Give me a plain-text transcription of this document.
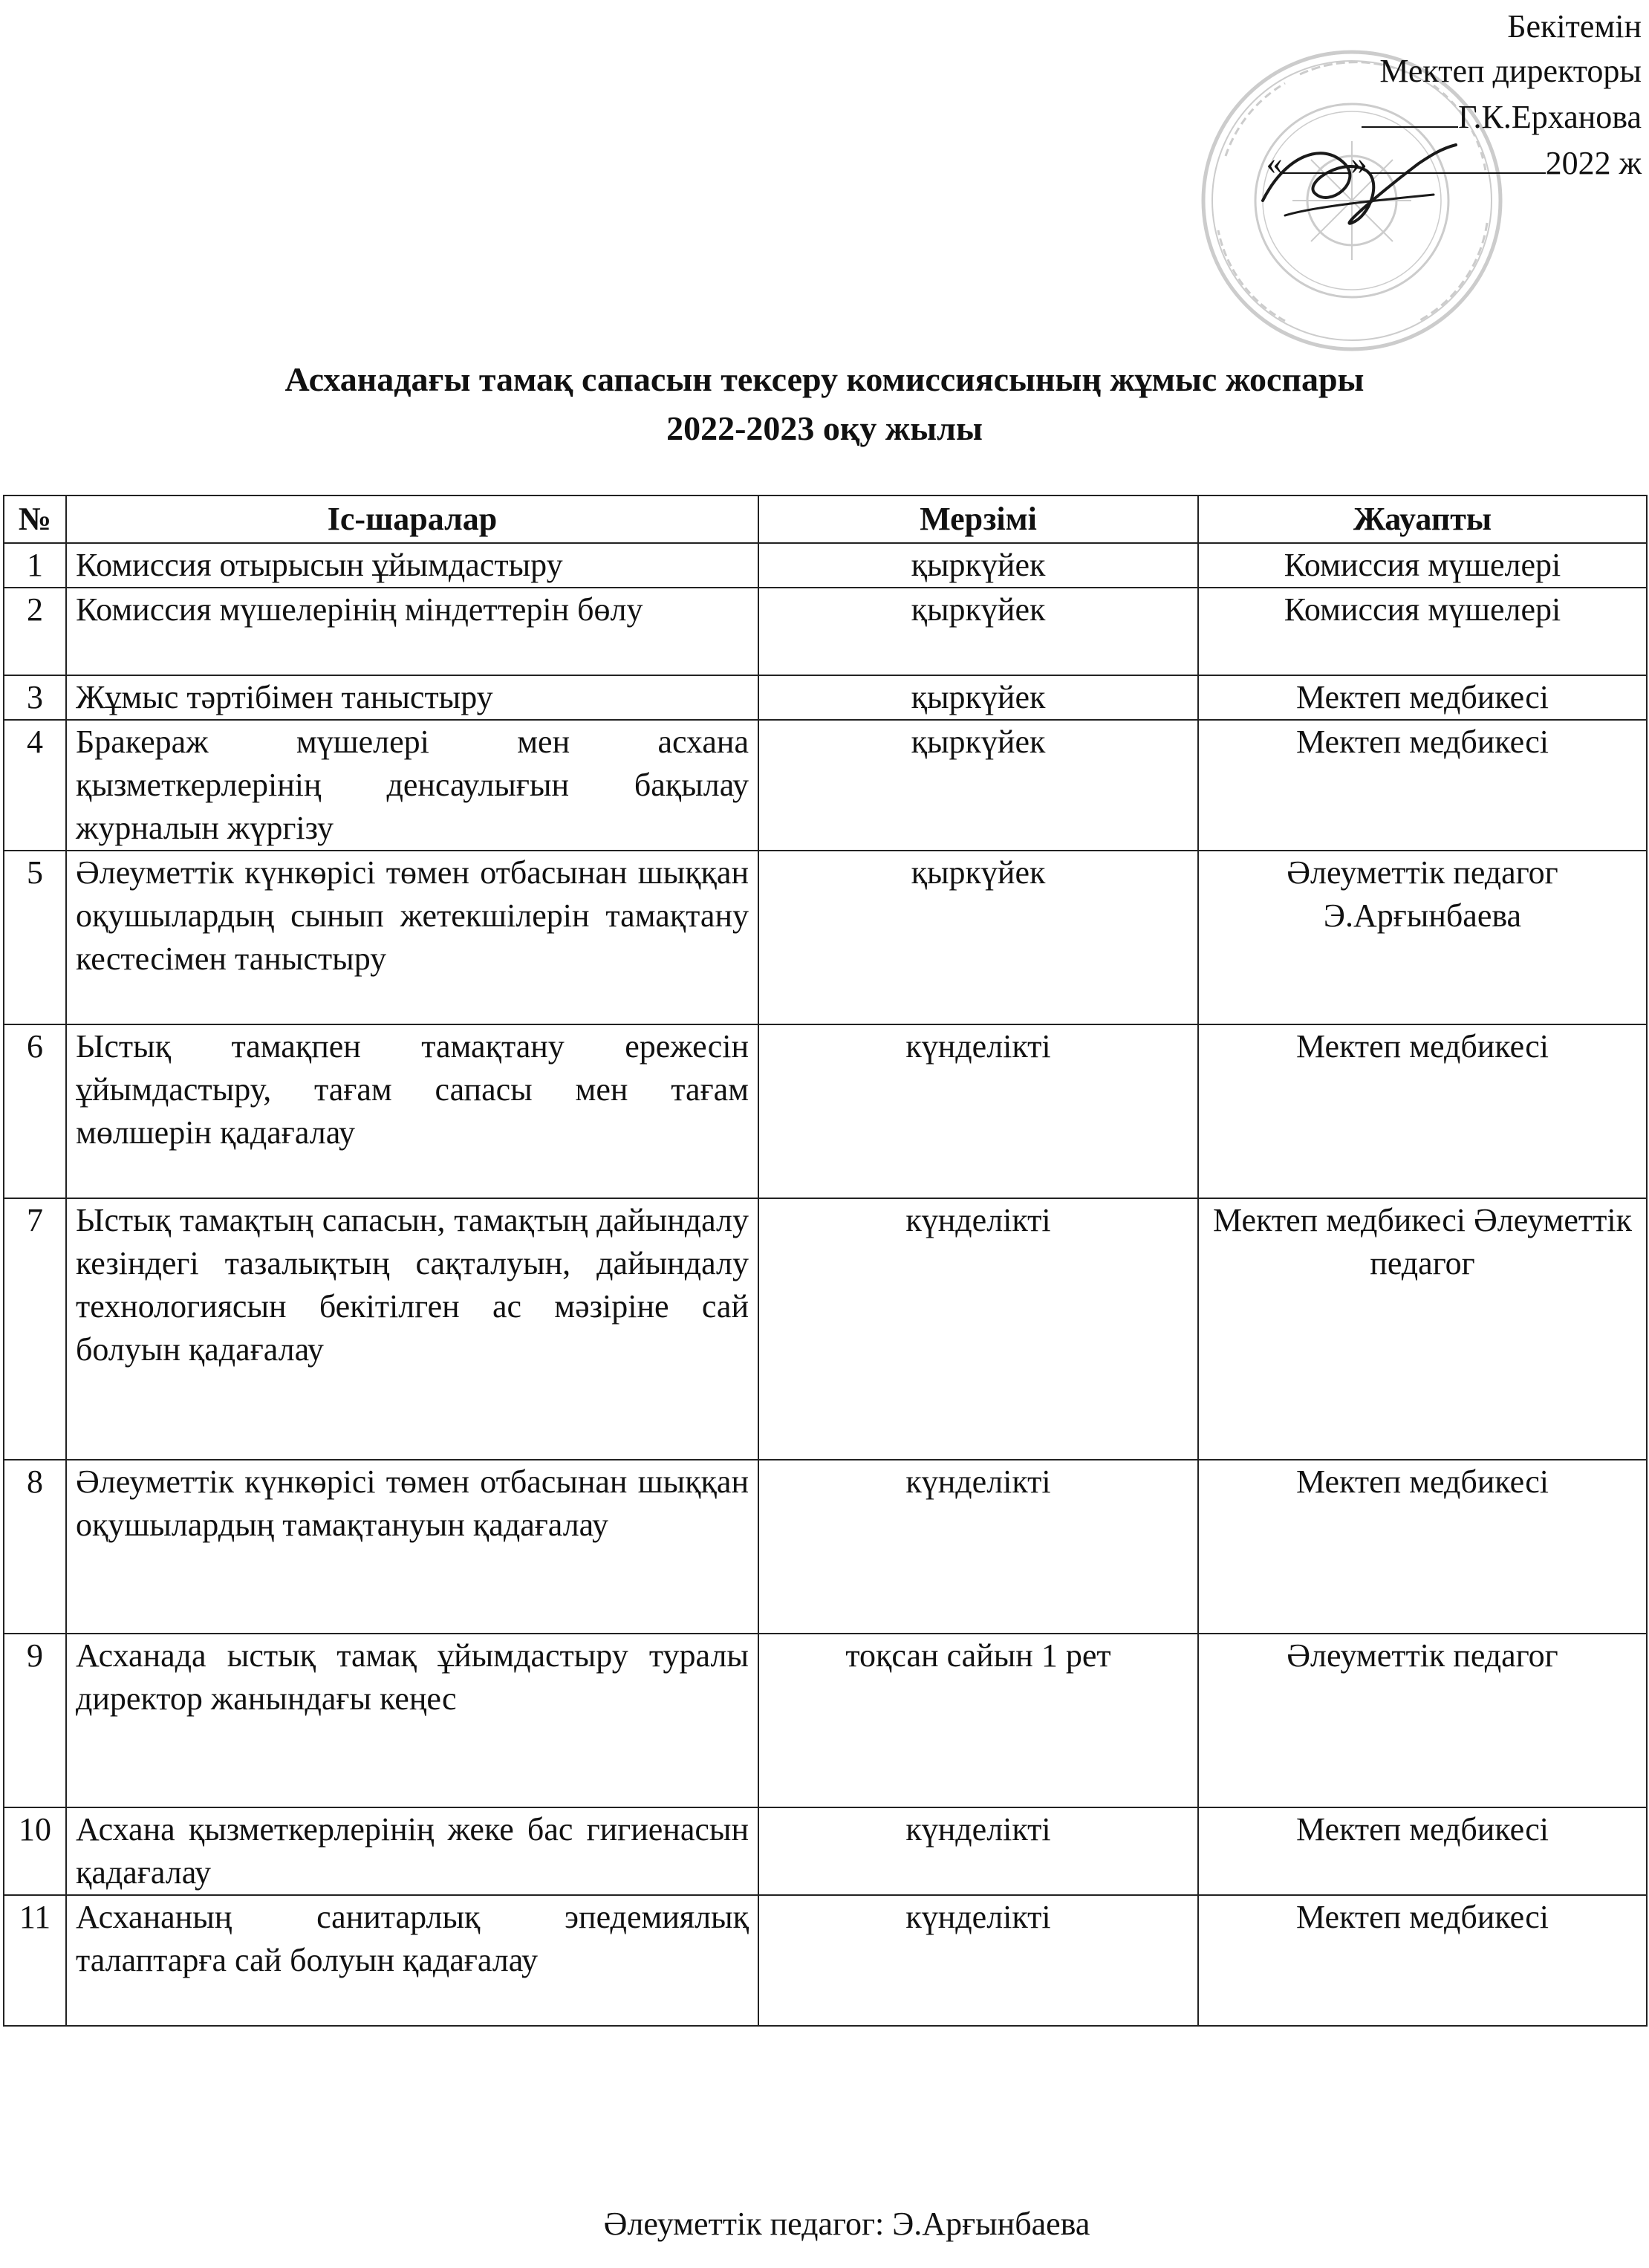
Бекітемін
Мектеп директоры
Г.К.Ерханова
« »	2022 ж
Асханадағы тамақ сапасын тексеру комиссиясының жұмыс жоспары
2022-2023 оқу жылы
№	Іс-шаралар	Мерзімі	Жауапты
1	Комиссия отырысын ұйымдастыру	қыркүйек	Комиссия мүшелері
2	Комиссия мүшелерінің міндеттерін бөлу	қыркүйек	Комиссия мүшелері
3	Жұмыс тәртібімен таныстыру	қыркүйек	Мектеп медбикесі
4	Бракераж мүшелері мен асхана қызметкерлерінің денсаулығын бақылау журналын жүргізу	қыркүйек	Мектеп медбикесі
5	Әлеуметтік күнкөрісі төмен отбасынан шыққан оқушылардың сынып жетекшілерін тамақтану кестесімен таныстыру	қыркүйек	Әлеуметтік педагог Э.Арғынбаева
6	Ыстық тамақпен тамақтану ережесін ұйымдастыру, тағам сапасы мен тағам мөлшерін қадағалау	күнделікті	Мектеп медбикесі
7	Ыстық тамақтың сапасын, тамақтың дайындалу кезіндегі тазалықтың сақталуын, дайындалу технологиясын бекітілген ас мәзіріне сай болуын қадағалау	күнделікті	Мектеп медбикесі Әлеуметтік педагог
8	Әлеуметтік күнкөрісі төмен отбасынан шыққан оқушылардың тамақтануын қадағалау	күнделікті	Мектеп медбикесі
9	Асханада ыстық тамақ ұйымдастыру туралы директор жанындағы кеңес	тоқсан сайын 1 рет	Әлеуметтік педагог
10	Асхана қызметкерлерінің жеке бас гигиенасын қадағалау	күнделікті	Мектеп медбикесі
11	Асхананың санитарлық эпедемиялық талаптарға сай болуын қадағалау	күнделікті	Мектеп медбикесі
Әлеуметтік педагог: Э.Арғынбаева
